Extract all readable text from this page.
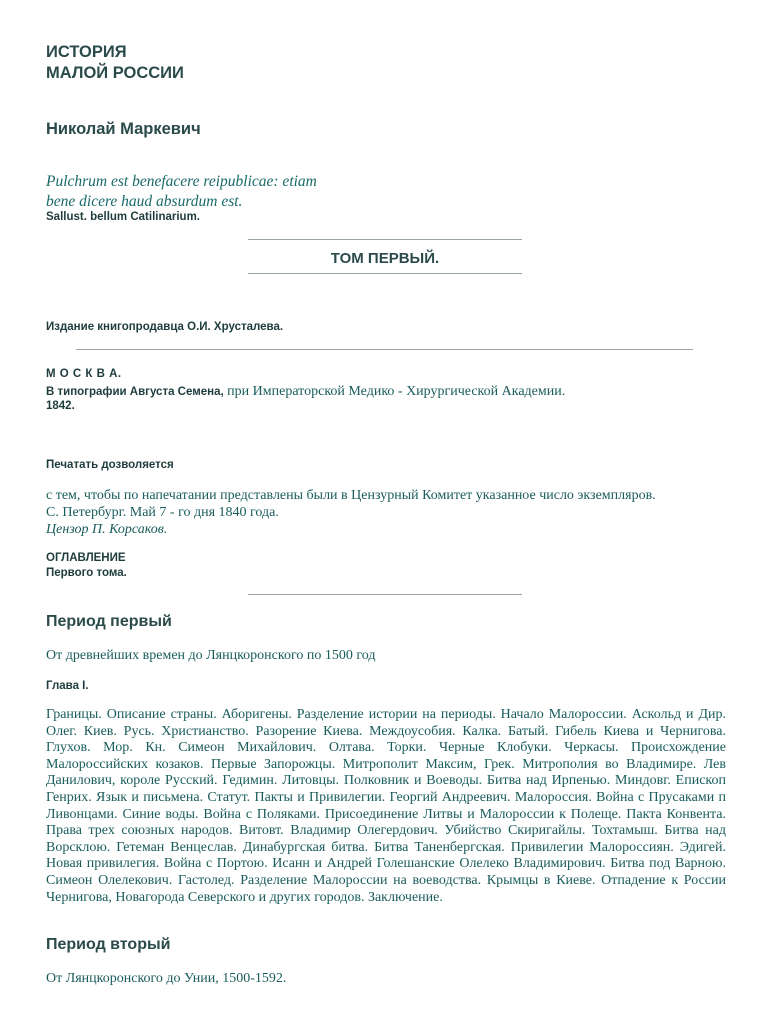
ИСТОРИЯ
МАЛОЙ РОССИИ
Николай Маркевич
Pulchrum est benefacere reipublicae: etiam
bene dicere haud absurdum est.
Sallust. bellum Catilinarium.
ТОМ ПЕРВЫЙ.
Издание книгопродавца О.И. Хрусталева.
М О С К В А.
В типографии Августа Семена, при Императорской Медико - Хирургической Академии.
1842.
Печатать дозволяется
с тем, чтобы по напечатании представлены были в Цензурный Комитет указанное число экземпляров.
С. Петербург. Май 7 - го дня 1840 года.
Цензор П. Корсаков.
ОГЛАВЛЕНИЕ
Первого тома.
Период первый
От древнейших времен до Лянцкоронского по 1500 год
Глава I.
Границы. Описание страны. Аборигены. Разделение истории на периоды. Начало Малороссии. Аскольд и Дир. Олег. Киев. Русь. Христианство. Разорение Киева. Междоусобия. Калка. Батый. Гибель Киева и Чернигова. Глухов. Мор. Кн. Симеон Михайлович. Олтава. Торки. Черные Клобуки. Черкасы. Происхождение Малороссийских козаков. Первые Запорожцы. Митрополит Максим, Грек. Митрополия во Владимире. Лев Данилович, короле Русский. Гедимин. Литовцы. Полковник и Воеводы. Битва над Ирпенью. Миндовг. Епископ Генрих. Язык и письмена. Статут. Пакты и Привилегии. Георгий Андреевич. Малороссия. Война с Прусаками п Ливонцами. Синие воды. Война с Поляками. Присоединение Литвы и Малороссии к Полеще. Пакта Конвента. Права трех союзных народов. Витовт. Владимир Олегердович. Убийство Скиригайлы. Тохтамыш. Битва над Ворсклою. Гетеман Венцеслав. Динабургская битва. Битва Таненбергская. Привилегии Малороссиян. Эдигей. Новая привилегия. Война с Портою. Исанн и Андрей Голешанские Олелеко Владимирович. Битва под Варною. Симеон Олелекович. Гастолед. Разделение Малороссии на воеводства. Крымцы в Киеве. Отпадение к России Чернигова, Новагорода Северского и других городов. Заключение.
Период вторый
От Лянцкоронского до Унии, 1500-1592.
